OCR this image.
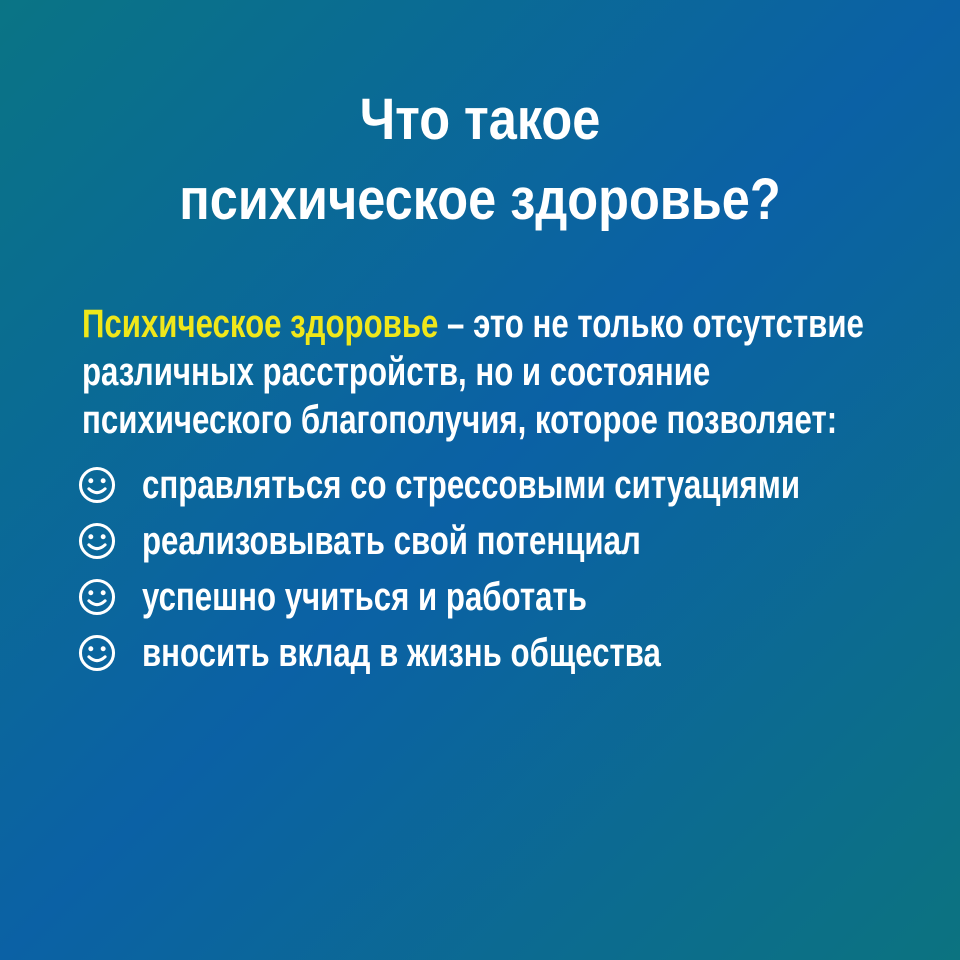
Что такое
психическое здоровье?
Психическое здоровье – это не только отсутствие
различных расстройств, но и состояние
психического благополучия, которое позволяет:
справляться со стрессовыми ситуациями
реализовывать свой потенциал
успешно учиться и работать
вносить вклад в жизнь общества
